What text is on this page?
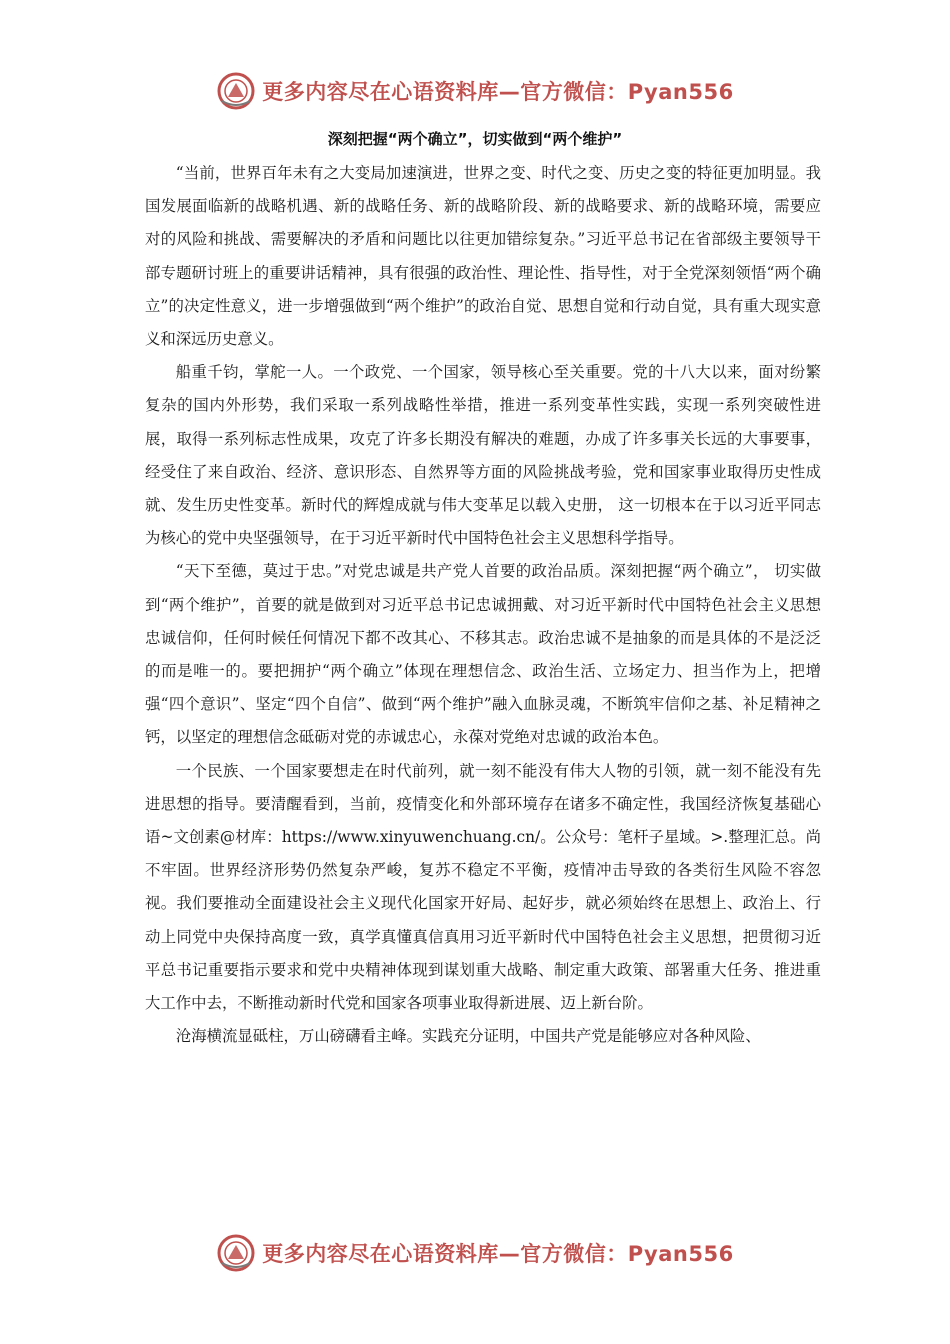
更多内容尽在心语资料库—官方微信：Pyan556
深刻把握“两个确立”，切实做到“两个维护”

“当前，世界百年未有之大变局加速演进，世界之变、时代之变、历史之变的特征更加明显。我国发展面临新的战略机遇、新的战略任务、新的战略阶段、新的战略要求、新的战略环境，需要应对的风险和挑战、需要解决的矛盾和问题比以往更加错综复杂。”习近平总书记在省部级主要领导干部专题研讨班上的重要讲话精神，具有很强的政治性、理论性、指导性，对于全党深刻领悟“两个确立”的决定性意义，进一步增强做到“两个维护”的政治自觉、思想自觉和行动自觉，具有重大现实意义和深远历史意义。

船重千钧，掌舵一人。一个政党、一个国家，领导核心至关重要。党的十八大以来，面对纷繁复杂的国内外形势，我们采取一系列战略性举措，推进一系列变革性实践，实现一系列突破性进展，取得一系列标志性成果，攻克了许多长期没有解决的难题，办成了许多事关长远的大事要事，经受住了来自政治、经济、意识形态、自然界等方面的风险挑战考验，党和国家事业取得历史性成就、发生历史性变革。新时代的辉煌成就与伟大变革足以载入史册， 这一切根本在于以习近平同志为核心的党中央坚强领导，在于习近平新时代中国特色社会主义思想科学指导。

“天下至德，莫过于忠。”对党忠诚是共产党人首要的政治品质。深刻把握“两个确立”， 切实做到“两个维护”，首要的就是做到对习近平总书记忠诚拥戴、对习近平新时代中国特色社会主义思想忠诚信仰，任何时候任何情况下都不改其心、不移其志。政治忠诚不是抽象的而是具体的不是泛泛的而是唯一的。要把拥护“两个确立”体现在理想信念、政治生活、立场定力、担当作为上，把增强“四个意识”、坚定“四个自信”、做到“两个维护”融入血脉灵魂，不断筑牢信仰之基、补足精神之钙，以坚定的理想信念砥砺对党的赤诚忠心，永葆对党绝对忠诚的政治本色。

一个民族、一个国家要想走在时代前列，就一刻不能没有伟大人物的引领，就一刻不能没有先进思想的指导。要清醒看到，当前，疫情变化和外部环境存在诸多不确定性，我国经济恢复基础心语~文创素@材库：https://www.xinyuwenchuang.cn/。公众号：笔杆子星域。>.整理汇总。尚不牢固。世界经济形势仍然复杂严峻，复苏不稳定不平衡，疫情冲击导致的各类衍生风险不容忽视。我们要推动全面建设社会主义现代化国家开好局、起好步，就必须始终在思想上、政治上、行动上同党中央保持高度一致，真学真懂真信真用习近平新时代中国特色社会主义思想，把贯彻习近平总书记重要指示要求和党中央精神体现到谋划重大战略、制定重大政策、部署重大任务、推进重大工作中去，不断推动新时代党和国家各项事业取得新进展、迈上新台阶。

沧海横流显砥柱，万山磅礴看主峰。实践充分证明，中国共产党是能够应对各种风险、

更多内容尽在心语资料库—官方微信：Pyan556
